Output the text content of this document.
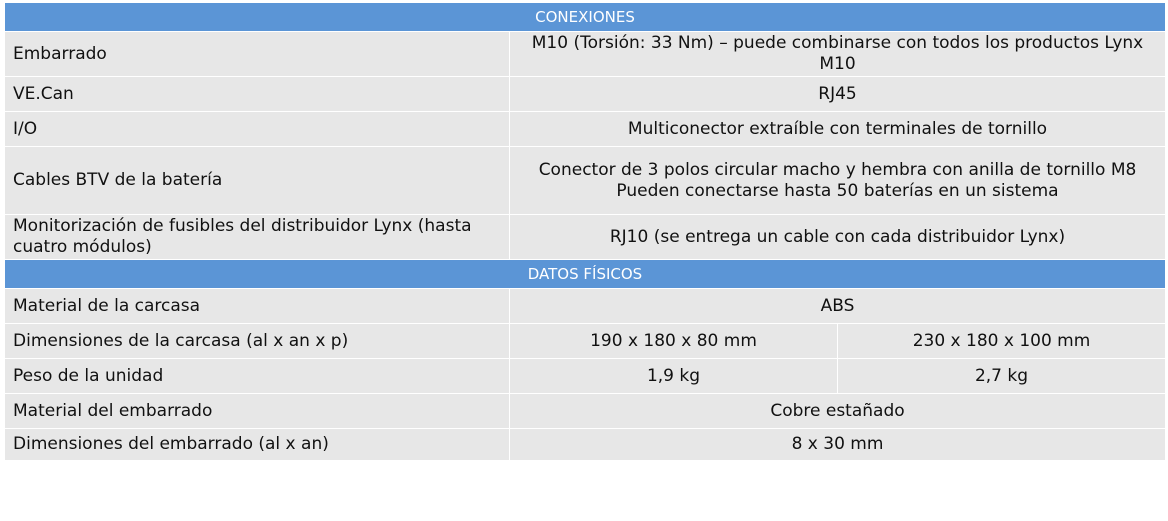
CONEXIONES		
Embarrado	M10 (Torsión: 33 Nm) – puede combinarse con todos los productos Lynx M10	
VE.Can	RJ45	
I/O	Multiconector extraíble con terminales de tornillo	
Cables BTV de la batería	Conector de 3 polos circular macho y hembra con anilla de tornillo M8
Pueden conectarse hasta 50 baterías en un sistema	

Monitorización de fusibles del distribuidor Lynx (hasta cuatro módulos)	RJ10 (se entrega un cable con cada distribuidor Lynx)	
DATOS FÍSICOS		
Material de la carcasa	ABS	
Dimensiones de la carcasa (al x an x p)	190 x 180 x 80 mm	230 x 180 x 100 mm
Peso de la unidad	1,9 kg	2,7 kg
Material del embarrado	Cobre estañado	
Dimensiones del embarrado (al x an)	8 x 30 mm	
